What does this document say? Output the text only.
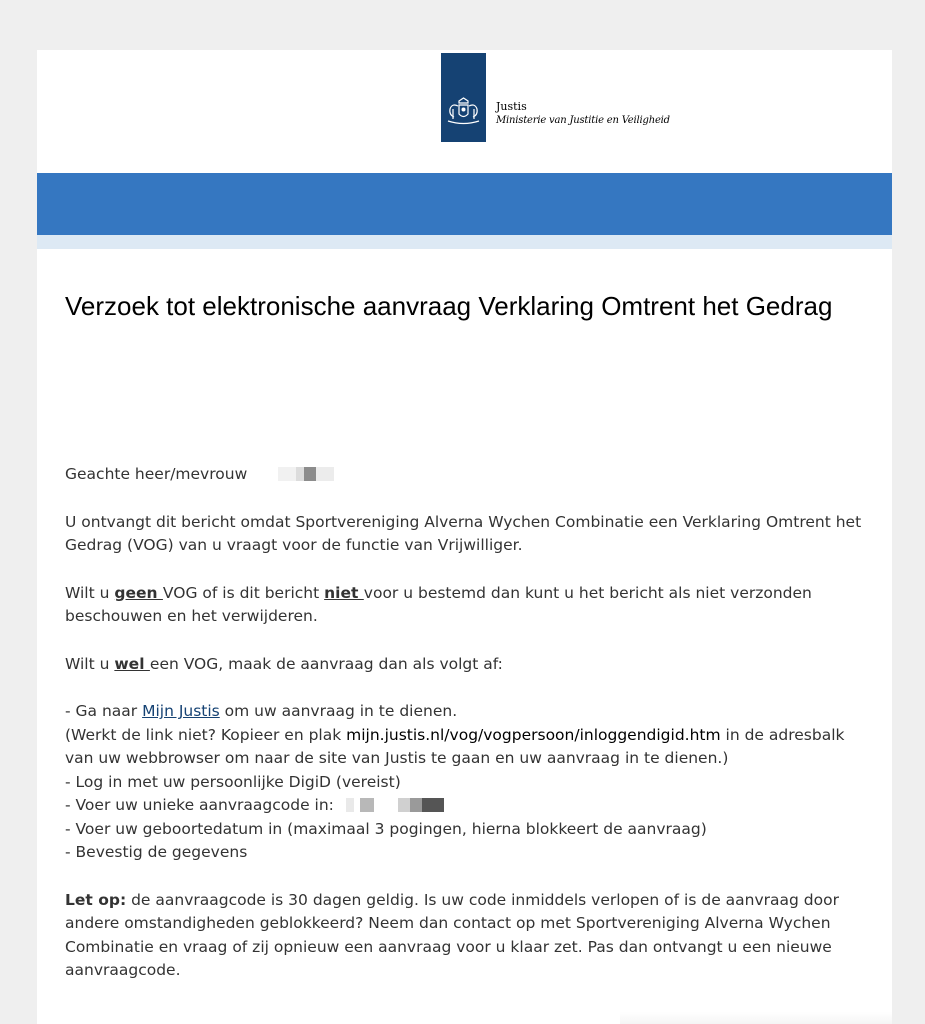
Justis
Ministerie van Justitie en Veiligheid
Verzoek tot elektronische aanvraag Verklaring Omtrent het Gedrag

Geachte heer/mevrouw

U ontvangt dit bericht omdat Sportvereniging Alverna Wychen Combinatie een Verklaring Omtrent het Gedrag (VOG) van u vraagt voor de functie van Vrijwilliger.

Wilt u geen VOG of is dit bericht niet voor u bestemd dan kunt u het bericht als niet verzonden beschouwen en het verwijderen.

Wilt u wel een VOG, maak de aanvraag dan als volgt af:

- Ga naar Mijn Justis om uw aanvraag in te dienen.
(Werkt de link niet? Kopieer en plak mijn.justis.nl/vog/vogpersoon/inloggendigid.htm in de adresbalk van uw webbrowser om naar de site van Justis te gaan en uw aanvraag in te dienen.)
- Log in met uw persoonlijke DigiD (vereist)
- Voer uw unieke aanvraagcode in:
- Voer uw geboortedatum in (maximaal 3 pogingen, hierna blokkeert de aanvraag)
- Bevestig de gegevens

Let op: de aanvraagcode is 30 dagen geldig. Is uw code inmiddels verlopen of is de aanvraag door andere omstandigheden geblokkeerd? Neem dan contact op met Sportvereniging Alverna Wychen Combinatie en vraag of zij opnieuw een aanvraag voor u klaar zet. Pas dan ontvangt u een nieuwe aanvraagcode.
